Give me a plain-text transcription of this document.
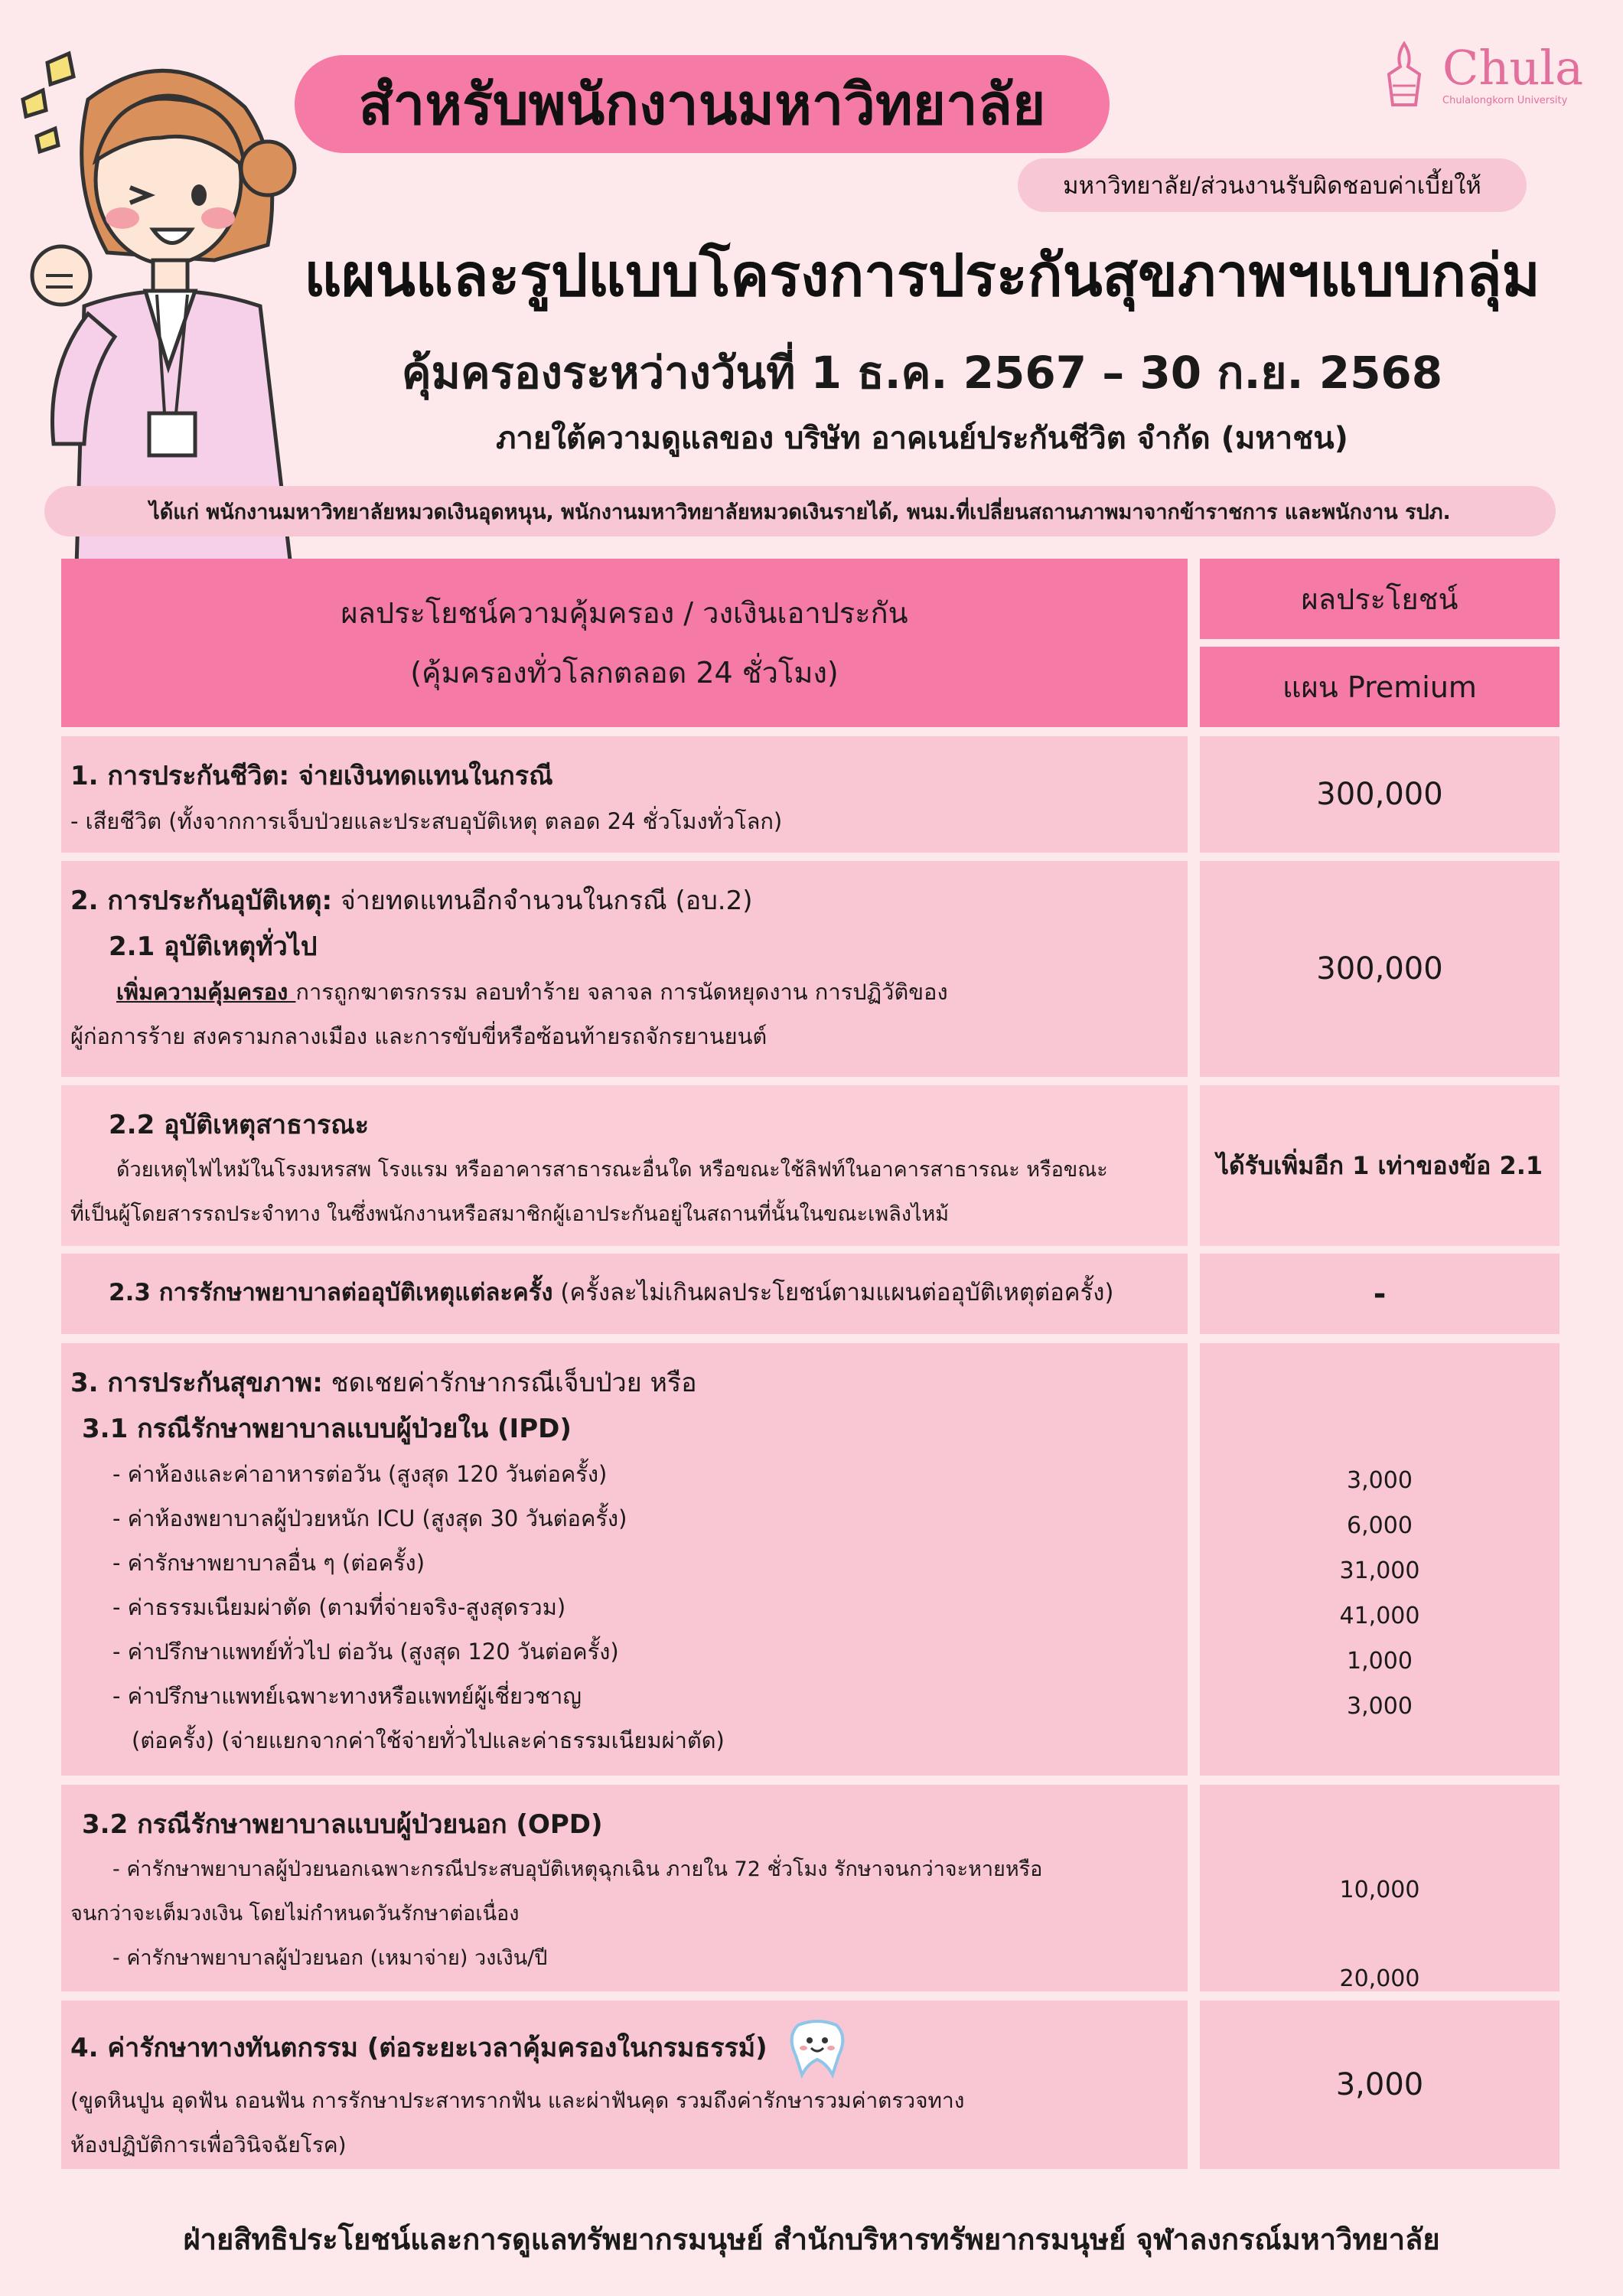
สำหรับพนักงานมหาวิทยาลัย
มหาวิทยาลัย/ส่วนงานรับผิดชอบค่าเบี้ยให้
Chula
Chulalongkorn University
แผนและรูปแบบโครงการประกันสุขภาพฯแบบกลุ่ม
คุ้มครองระหว่างวันที่ 1 ธ.ค. 2567 – 30 ก.ย. 2568
ภายใต้ความดูแลของ บริษัท อาคเนย์ประกันชีวิต จำกัด (มหาชน)
ได้แก่ พนักงานมหาวิทยาลัยหมวดเงินอุดหนุน, พนักงานมหาวิทยาลัยหมวดเงินรายได้, พนม.ที่เปลี่ยนสถานภาพมาจากข้าราชการ และพนักงาน รปภ.
ผลประโยชน์ความคุ้มครอง / วงเงินเอาประกัน
(คุ้มครองทั่วโลกตลอด 24 ชั่วโมง)
ผลประโยชน์
แผน Premium
1. การประกันชีวิต: จ่ายเงินทดแทนในกรณี
- เสียชีวิต (ทั้งจากการเจ็บป่วยและประสบอุบัติเหตุ ตลอด 24 ชั่วโมงทั่วโลก)
300,000
2. การประกันอุบัติเหตุ: จ่ายทดแทนอีกจำนวนในกรณี (อบ.2)
2.1 อุบัติเหตุทั่วไป
เพิ่มความคุ้มครอง การถูกฆาตรกรรม ลอบทำร้าย จลาจล การนัดหยุดงาน การปฏิวัติของ
ผู้ก่อการร้าย สงครามกลางเมือง และการขับขี่หรือซ้อนท้ายรถจักรยานยนต์
300,000
2.2 อุบัติเหตุสาธารณะ
ด้วยเหตุไฟไหม้ในโรงมหรสพ โรงแรม หรืออาคารสาธารณะอื่นใด หรือขณะใช้ลิฟท์ในอาคารสาธารณะ หรือขณะ
ที่เป็นผู้โดยสารรถประจำทาง ในซึ่งพนักงานหรือสมาชิกผู้เอาประกันอยู่ในสถานที่นั้นในขณะเพลิงไหม้
ได้รับเพิ่มอีก 1 เท่าของข้อ 2.1
2.3 การรักษาพยาบาลต่ออุบัติเหตุแต่ละครั้ง (ครั้งละไม่เกินผลประโยชน์ตามแผนต่ออุบัติเหตุต่อครั้ง)	-
3. การประกันสุขภาพ: ชดเชยค่ารักษากรณีเจ็บป่วย หรือ
3.1 กรณีรักษาพยาบาลแบบผู้ป่วยใน (IPD)
- ค่าห้องและค่าอาหารต่อวัน (สูงสุด 120 วันต่อครั้ง)
- ค่าห้องพยาบาลผู้ป่วยหนัก ICU (สูงสุด 30 วันต่อครั้ง)
- ค่ารักษาพยาบาลอื่น ๆ (ต่อครั้ง)
- ค่าธรรมเนียมผ่าตัด (ตามที่จ่ายจริง-สูงสุดรวม)
- ค่าปรึกษาแพทย์ทั่วไป ต่อวัน (สูงสุด 120 วันต่อครั้ง)
- ค่าปรึกษาแพทย์เฉพาะทางหรือแพทย์ผู้เชี่ยวชาญ
(ต่อครั้ง) (จ่ายแยกจากค่าใช้จ่ายทั่วไปและค่าธรรมเนียมผ่าตัด)
3,000
6,000
31,000
41,000
1,000
3,000
3.2 กรณีรักษาพยาบาลแบบผู้ป่วยนอก (OPD)
- ค่ารักษาพยาบาลผู้ป่วยนอกเฉพาะกรณีประสบอุบัติเหตุฉุกเฉิน ภายใน 72 ชั่วโมง รักษาจนกว่าจะหายหรือ
จนกว่าจะเต็มวงเงิน โดยไม่กำหนดวันรักษาต่อเนื่อง
- ค่ารักษาพยาบาลผู้ป่วยนอก (เหมาจ่าย) วงเงิน/ปี
10,000
20,000
4. ค่ารักษาทางทันตกรรม (ต่อระยะเวลาคุ้มครองในกรมธรรม์)
(ขูดหินปูน อุดฟัน ถอนฟัน การรักษาประสาทรากฟัน และผ่าฟันคุด รวมถึงค่ารักษารวมค่าตรวจทาง
ห้องปฏิบัติการเพื่อวินิจฉัยโรค)
3,000
ฝ่ายสิทธิประโยชน์และการดูแลทรัพยากรมนุษย์ สำนักบริหารทรัพยากรมนุษย์ จุฬาลงกรณ์มหาวิทยาลัย
